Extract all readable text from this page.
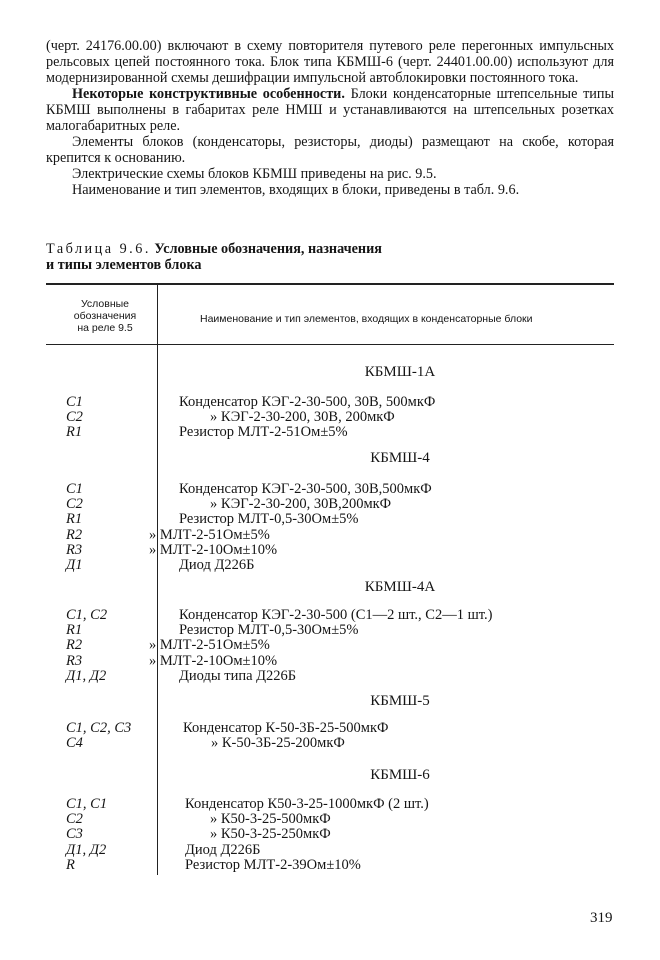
(черт. 24176.00.00) включают в схему повторителя путевого реле перегонных импульсных рельсовых цепей постоянного тока. Блок типа КБМШ-6 (черт. 24401.00.00) используют для модернизированной схемы дешифрации импульсной автоблокировки постоянного тока.

Некоторые конструктивные особенности. Блоки конденсаторные штепсельные типы КБМШ выполнены в габаритах реле НМШ и устанавливаются на штепсельных розетках малогабаритных реле.

Элементы блоков (конденсаторы, резисторы, диоды) размещают на скобе, которая крепится к основанию.

Электрические схемы блоков КБМШ приведены на рис. 9.5.

Наименование и тип элементов, входящих в блоки, приведены в табл. 9.6.

Таблица 9.6. Условные обозначения, назначения
и типы элементов блока
Условные
обозначения
на реле 9.5
Наименование и тип элементов, входящих в конденсаторные блоки
КБМШ-1А
C1	Конденсатор КЭГ-2-30-500, 30В, 500мкФ
C2	» КЭГ-2-30-200, 30В, 200мкФ
R1	Резистор МЛТ-2-51Ом±5%
КБМШ-4
C1	Конденсатор КЭГ-2-30-500, 30В,500мкФ
C2	» КЭГ-2-30-200, 30В,200мкФ
R1	Резистор МЛТ-0,5-30Ом±5%
R2	» МЛТ-2-51Ом±5%
R3	» МЛТ-2-10Ом±10%
Д1	Диод Д226Б
КБМШ-4А
C1, C2	Конденсатор КЭГ-2-30-500 (C1—2 шт., C2—1 шт.)
R1	Резистор МЛТ-0,5-30Ом±5%
R2	» МЛТ-2-51Ом±5%
R3	» МЛТ-2-10Ом±10%
Д1, Д2	Диоды типа Д226Б
КБМШ-5
C1, C2, C3	Конденсатор К-50-3Б-25-500мкФ
C4	» К-50-3Б-25-200мкФ
КБМШ-6
C1, C1	Конденсатор К50-3-25-1000мкФ (2 шт.)
C2	» К50-3-25-500мкФ
C3	» К50-3-25-250мкФ
Д1, Д2	Диод Д226Б
R	Резистор МЛТ-2-39Ом±10%
319
